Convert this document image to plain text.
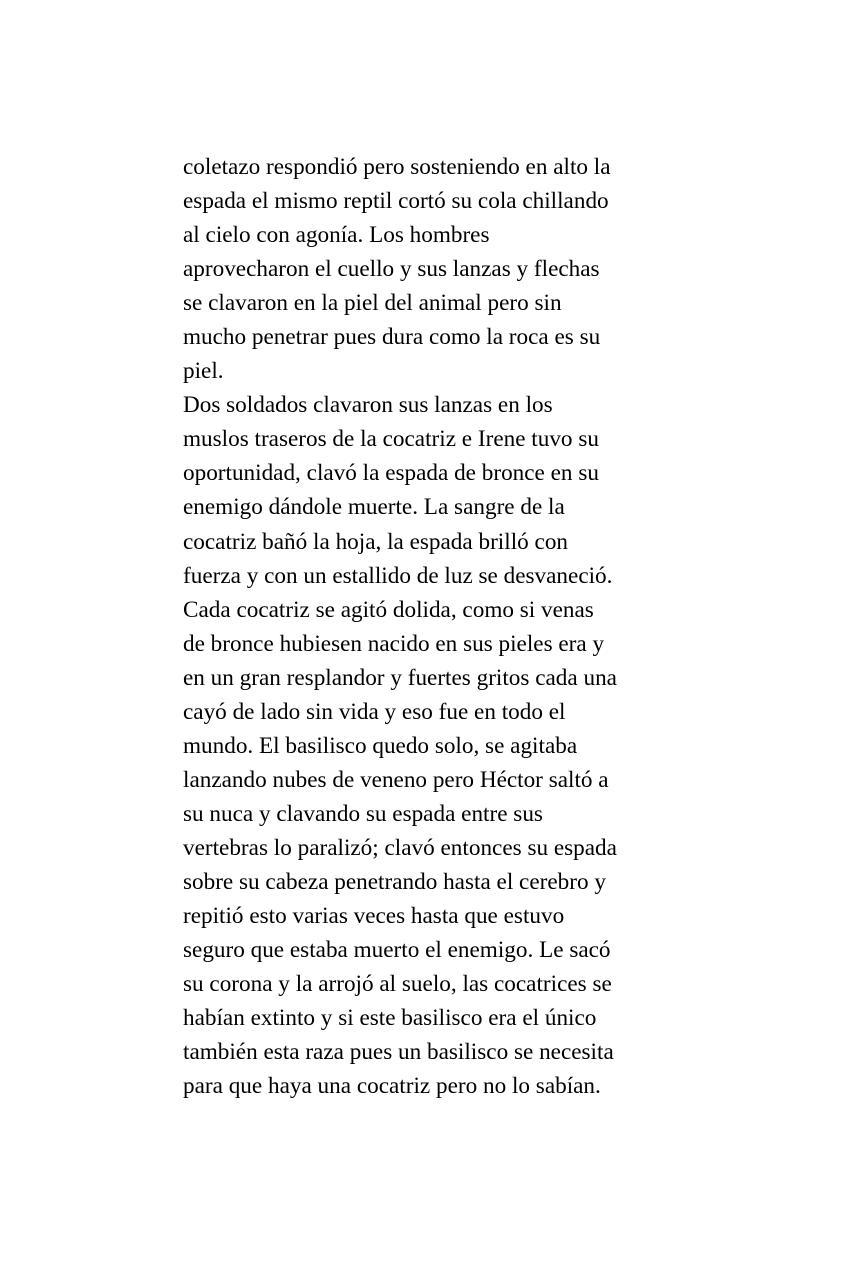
coletazo respondió pero sosteniendo en alto la
espada el mismo reptil cortó su cola chillando
al cielo con agonía. Los hombres
aprovecharon el cuello y sus lanzas y flechas
se clavaron en la piel del animal pero sin
mucho penetrar pues dura como la roca es su
piel.
Dos soldados clavaron sus lanzas en los
muslos traseros de la cocatriz e Irene tuvo su
oportunidad, clavó la espada de bronce en su
enemigo dándole muerte. La sangre de la
cocatriz bañó la hoja, la espada brilló con
fuerza y con un estallido de luz se desvaneció.
Cada cocatriz se agitó dolida, como si venas
de bronce hubiesen nacido en sus pieles era y
en un gran resplandor y fuertes gritos cada una
cayó de lado sin vida y eso fue en todo el
mundo. El basilisco quedo solo, se agitaba
lanzando nubes de veneno pero Héctor saltó a
su nuca y clavando su espada entre sus
vertebras lo paralizó; clavó entonces su espada
sobre su cabeza penetrando hasta el cerebro y
repitió esto varias veces hasta que estuvo
seguro que estaba muerto el enemigo. Le sacó
su corona y la arrojó al suelo, las cocatrices se
habían extinto y si este basilisco era el único
también esta raza pues un basilisco se necesita
para que haya una cocatriz pero no lo sabían.
